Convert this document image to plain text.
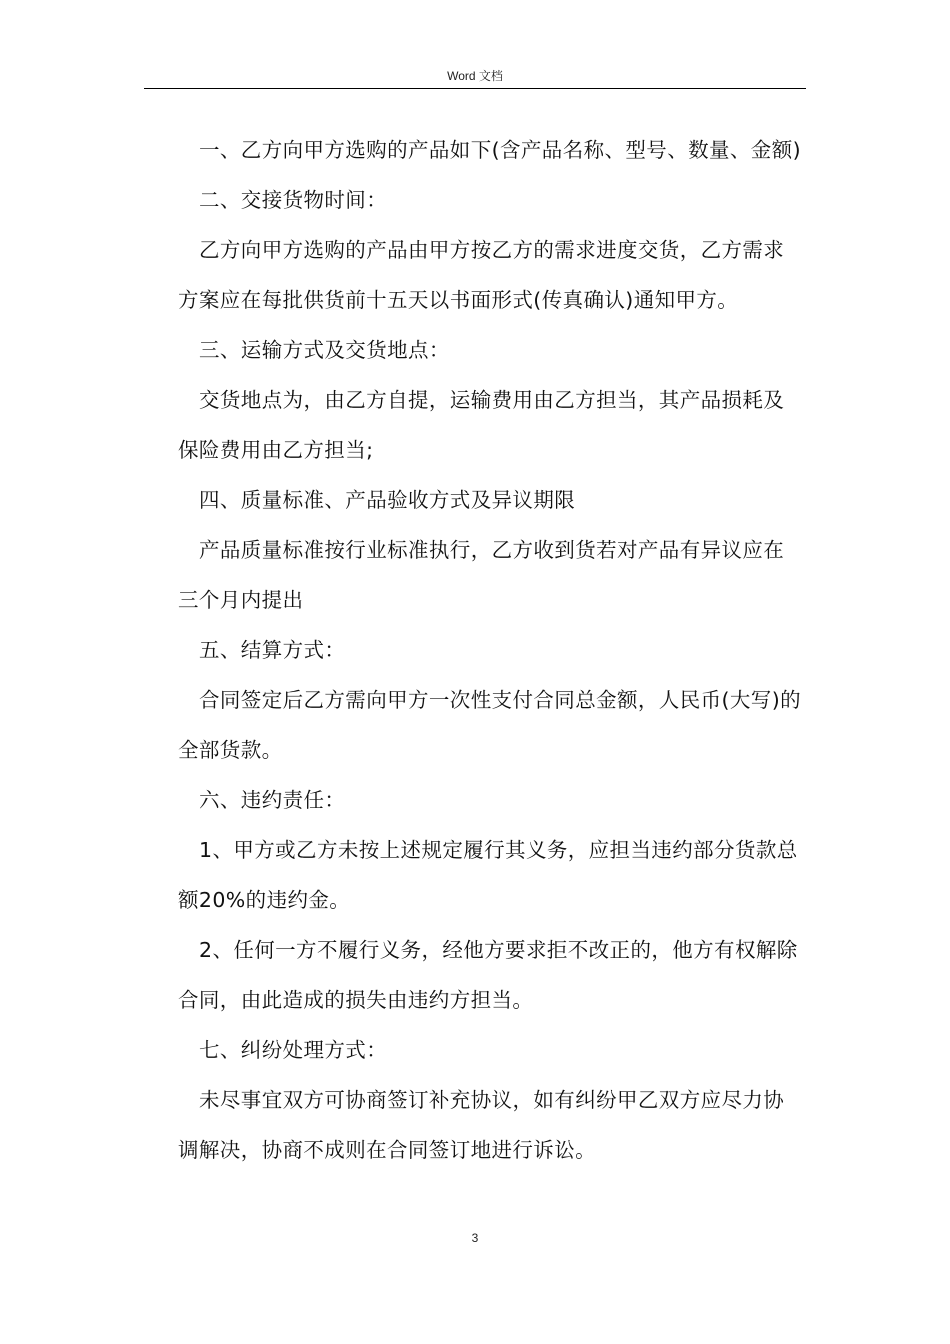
Word 文档

一、乙方向甲方选购的产品如下(含产品名称、型号、数量、金额)

二、交接货物时间：

乙方向甲方选购的产品由甲方按乙方的需求进度交货，乙方需求方案应在每批供货前十五天以书面形式(传真确认)通知甲方。

三、运输方式及交货地点：

交货地点为，由乙方自提，运输费用由乙方担当，其产品损耗及保险费用由乙方担当;

四、质量标准、产品验收方式及异议期限

产品质量标准按行业标准执行，乙方收到货若对产品有异议应在三个月内提出

五、结算方式：

合同签定后乙方需向甲方一次性支付合同总金额，人民币(大写)的全部货款。

六、违约责任：

1、甲方或乙方未按上述规定履行其义务，应担当违约部分货款总额20%的违约金。

2、任何一方不履行义务，经他方要求拒不改正的，他方有权解除合同，由此造成的损失由违约方担当。

七、纠纷处理方式：

未尽事宜双方可协商签订补充协议，如有纠纷甲乙双方应尽力协调解决，协商不成则在合同签订地进行诉讼。

3
